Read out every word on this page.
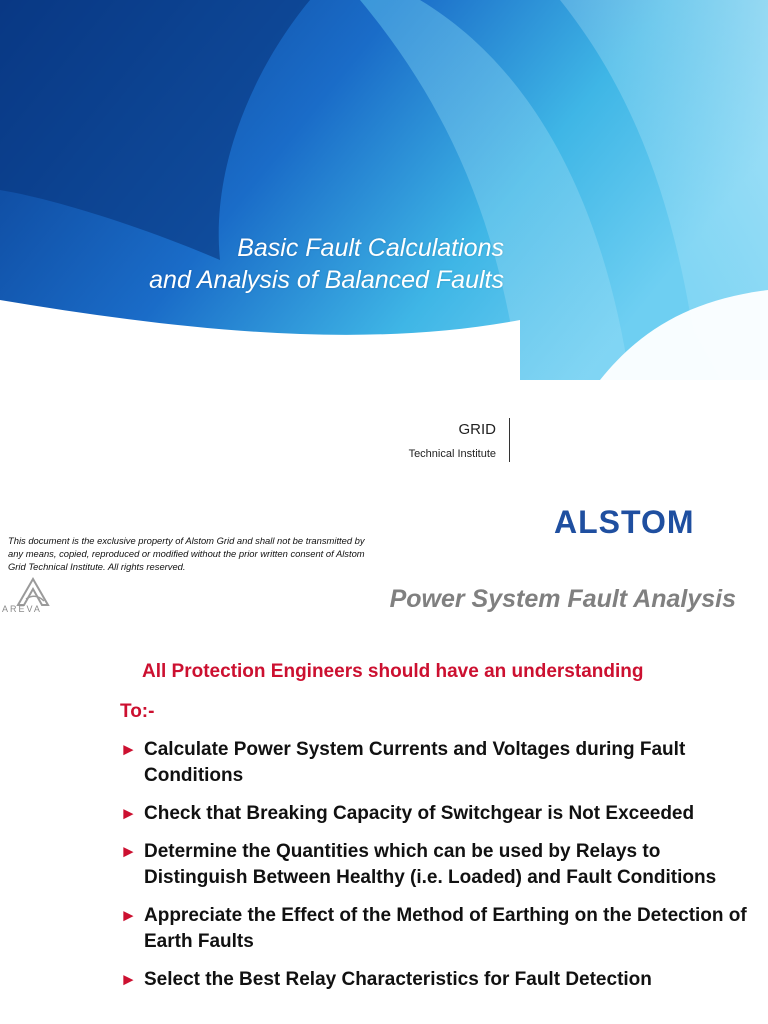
Basic Fault Calculations
and Analysis of Balanced Faults
GRID
Technical Institute
ALSTOM
This document is the exclusive property of Alstom Grid and shall not be transmitted by any means, copied, reproduced or modified without the prior written consent of Alstom Grid Technical Institute. All rights reserved.
AREVA	Power System Fault Analysis
All Protection Engineers should have an understanding
To:-
► Calculate Power System Currents and Voltages during Fault Conditions
► Check that Breaking Capacity of Switchgear is Not Exceeded
► Determine the Quantities which can be used by Relays to Distinguish Between Healthy (i.e. Loaded) and Fault Conditions
► Appreciate the Effect of the Method of Earthing on the Detection of Earth Faults
► Select the Best Relay Characteristics for Fault Detection
